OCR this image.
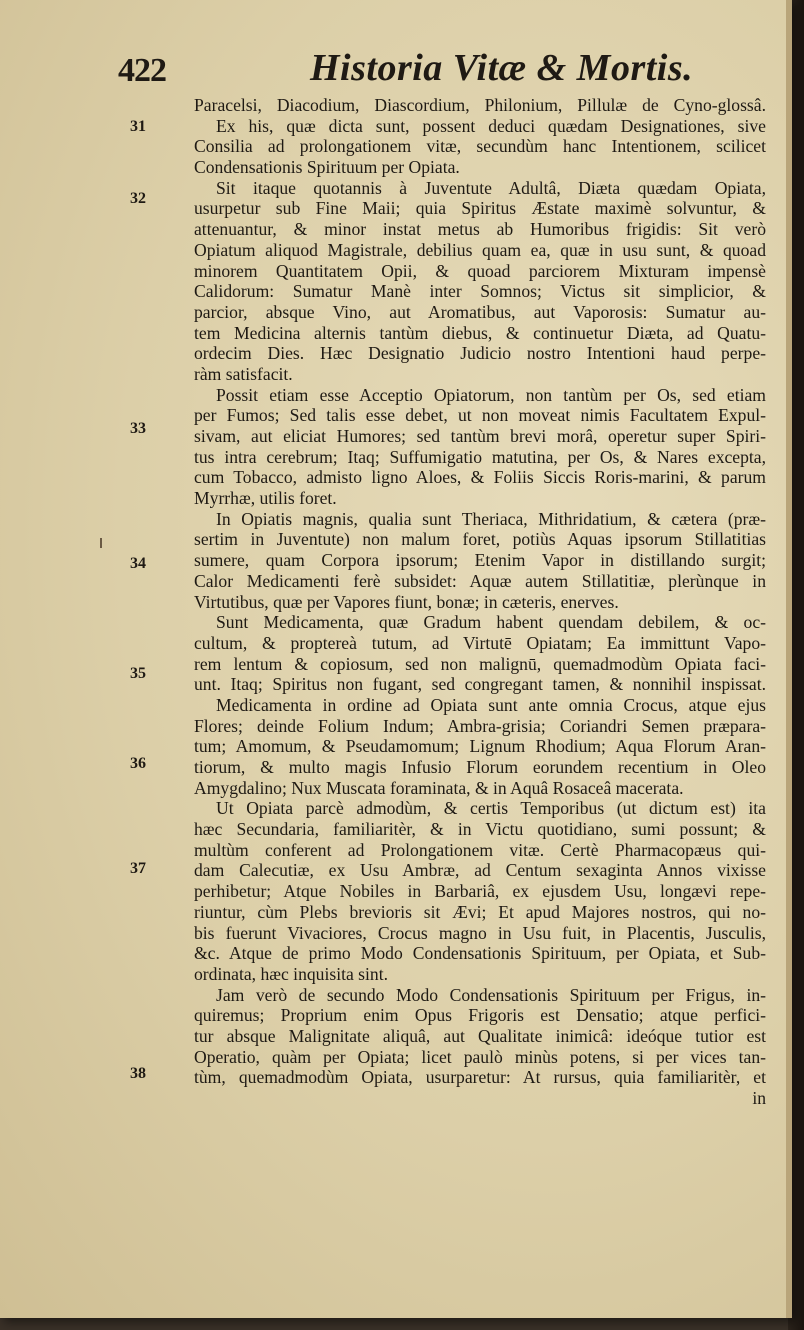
422	Historia Vitæ & Mortis.
31
32
33
34
35
36
37
38
Paracelsi, Diacodium, Diascordium, Philonium, Pillulæ de Cyno-glossâ.
Ex his, quæ dicta sunt, possent deduci quædam Designationes, sive
Consilia ad prolongationem vitæ, secundùm hanc Intentionem, scilicet
Condensationis Spirituum per Opiata.
Sit itaque quotannis à Juventute Adultâ, Diæta quædam Opiata,
usurpetur sub Fine Maii; quia Spiritus Æstate maximè solvuntur, &
attenuantur, & minor instat metus ab Humoribus frigidis: Sit verò
Opiatum aliquod Magistrale, debilius quam ea, quæ in usu sunt, & quoad
minorem Quantitatem Opii, & quoad parciorem Mixturam impensè
Calidorum: Sumatur Manè inter Somnos; Victus sit simplicior, &
parcior, absque Vino, aut Aromatibus, aut Vaporosis: Sumatur au-
tem Medicina alternis tantùm diebus, & continuetur Diæta, ad Quatu-
ordecim Dies. Hæc Designatio Judicio nostro Intentioni haud perpe-
ràm satisfacit.
Possit etiam esse Acceptio Opiatorum, non tantùm per Os, sed etiam
per Fumos; Sed talis esse debet, ut non moveat nimis Facultatem Expul-
sivam, aut eliciat Humores; sed tantùm brevi morâ, operetur super Spiri-
tus intra cerebrum; Itaq; Suffumigatio matutina, per Os, & Nares excepta,
cum Tobacco, admisto ligno Aloes, & Foliis Siccis Roris-marini, & parum
Myrrhæ, utilis foret.
In Opiatis magnis, qualia sunt Theriaca, Mithridatium, & cætera (præ-
sertim in Juventute) non malum foret, potiùs Aquas ipsorum Stillatitias
sumere, quam Corpora ipsorum; Etenim Vapor in distillando surgit;
Calor Medicamenti ferè subsidet: Aquæ autem Stillatitiæ, plerùnque in
Virtutibus, quæ per Vapores fiunt, bonæ; in cæteris, enerves.
Sunt Medicamenta, quæ Gradum habent quendam debilem, & oc-
cultum, & proptereà tutum, ad Virtutē Opiatam; Ea immittunt Vapo-
rem lentum & copiosum, sed non malignū, quemadmodùm Opiata faci-
unt. Itaq; Spiritus non fugant, sed congregant tamen, & nonnihil inspissat.
Medicamenta in ordine ad Opiata sunt ante omnia Crocus, atque ejus
Flores; deinde Folium Indum; Ambra-grisia; Coriandri Semen præpara-
tum; Amomum, & Pseudamomum; Lignum Rhodium; Aqua Florum Aran-
tiorum, & multo magis Infusio Florum eorundem recentium in Oleo
Amygdalino; Nux Muscata foraminata, & in Aquâ Rosaceâ macerata.
Ut Opiata parcè admodùm, & certis Temporibus (ut dictum est) ita
hæc Secundaria, familiaritèr, & in Victu quotidiano, sumi possunt; &
multùm conferent ad Prolongationem vitæ. Certè Pharmacopæus qui-
dam Calecutiæ, ex Usu Ambræ, ad Centum sexaginta Annos vixisse
perhibetur; Atque Nobiles in Barbariâ, ex ejusdem Usu, longævi repe-
riuntur, cùm Plebs brevioris sit Ævi; Et apud Majores nostros, qui no-
bis fuerunt Vivaciores, Crocus magno in Usu fuit, in Placentis, Jusculis,
&c. Atque de primo Modo Condensationis Spirituum, per Opiata, et Sub-
ordinata, hæc inquisita sint.
Jam verò de secundo Modo Condensationis Spirituum per Frigus, in-
quiremus; Proprium enim Opus Frigoris est Densatio; atque perfici-
tur absque Malignitate aliquâ, aut Qualitate inimicâ: ideóque tutior est
Operatio, quàm per Opiata; licet paulò minùs potens, si per vices tan-
tùm, quemadmodùm Opiata, usurparetur: At rursus, quia familiaritèr, et
in
